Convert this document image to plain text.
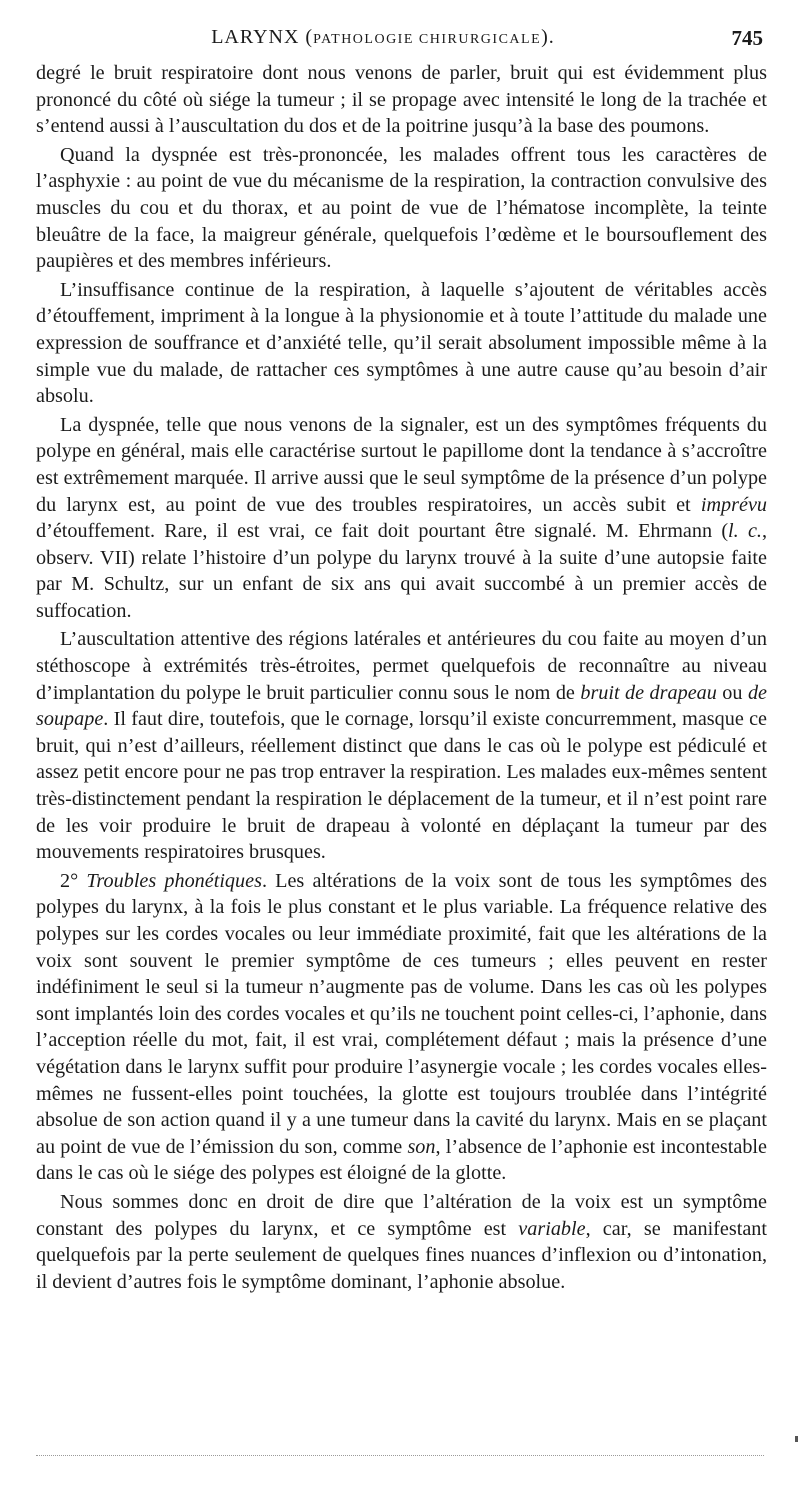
LARYNX (PATHOLOGIE CHIRURGICALE).	745

degré le bruit respiratoire dont nous venons de parler, bruit qui est évidemment plus prononcé du côté où siége la tumeur ; il se propage avec intensité le long de la trachée et s’entend aussi à l’auscultation du dos et de la poitrine jusqu’à la base des poumons.

Quand la dyspnée est très-prononcée, les malades offrent tous les caractères de l’asphyxie : au point de vue du mécanisme de la respiration, la contraction convulsive des muscles du cou et du thorax, et au point de vue de l’hématose incomplète, la teinte bleuâtre de la face, la maigreur générale, quelquefois l’œdème et le boursouflement des paupières et des membres inférieurs.

L’insuffisance continue de la respiration, à laquelle s’ajoutent de véritables accès d’étouffement, impriment à la longue à la physionomie et à toute l’attitude du malade une expression de souffrance et d’anxiété telle, qu’il serait absolument impossible même à la simple vue du malade, de rattacher ces symptômes à une autre cause qu’au besoin d’air absolu.

La dyspnée, telle que nous venons de la signaler, est un des symptômes fréquents du polype en général, mais elle caractérise surtout le papillome dont la tendance à s’accroître est extrêmement marquée. Il arrive aussi que le seul symptôme de la présence d’un polype du larynx est, au point de vue des troubles respiratoires, un accès subit et imprévu d’étouffement. Rare, il est vrai, ce fait doit pourtant être signalé. M. Ehrmann (l. c., observ. VII) relate l’histoire d’un polype du larynx trouvé à la suite d’une autopsie faite par M. Schultz, sur un enfant de six ans qui avait succombé à un premier accès de suffocation.

L’auscultation attentive des régions latérales et antérieures du cou faite au moyen d’un stéthoscope à extrémités très-étroites, permet quelquefois de reconnaître au niveau d’implantation du polype le bruit particulier connu sous le nom de bruit de drapeau ou de soupape. Il faut dire, toutefois, que le cornage, lorsqu’il existe concurremment, masque ce bruit, qui n’est d’ailleurs, réellement distinct que dans le cas où le polype est pédiculé et assez petit encore pour ne pas trop entraver la respiration. Les malades eux-mêmes sentent très-distinctement pendant la respiration le déplacement de la tumeur, et il n’est point rare de les voir produire le bruit de drapeau à volonté en déplaçant la tumeur par des mouvements respiratoires brusques.

2° Troubles phonétiques. Les altérations de la voix sont de tous les symptômes des polypes du larynx, à la fois le plus constant et le plus variable. La fréquence relative des polypes sur les cordes vocales ou leur immédiate proximité, fait que les altérations de la voix sont souvent le premier symptôme de ces tumeurs ; elles peuvent en rester indéfiniment le seul si la tumeur n’augmente pas de volume. Dans les cas où les polypes sont implantés loin des cordes vocales et qu’ils ne touchent point celles-ci, l’aphonie, dans l’acception réelle du mot, fait, il est vrai, complétement défaut ; mais la présence d’une végétation dans le larynx suffit pour produire l’asynergie vocale ; les cordes vocales elles-mêmes ne fussent-elles point touchées, la glotte est toujours troublée dans l’intégrité absolue de son action quand il y a une tumeur dans la cavité du larynx. Mais en se plaçant au point de vue de l’émission du son, comme son, l’absence de l’aphonie est incontestable dans le cas où le siége des polypes est éloigné de la glotte.

Nous sommes donc en droit de dire que l’altération de la voix est un symptôme constant des polypes du larynx, et ce symptôme est variable, car, se manifestant quelquefois par la perte seulement de quelques fines nuances d’inflexion ou d’intonation, il devient d’autres fois le symptôme dominant, l’aphonie absolue.
